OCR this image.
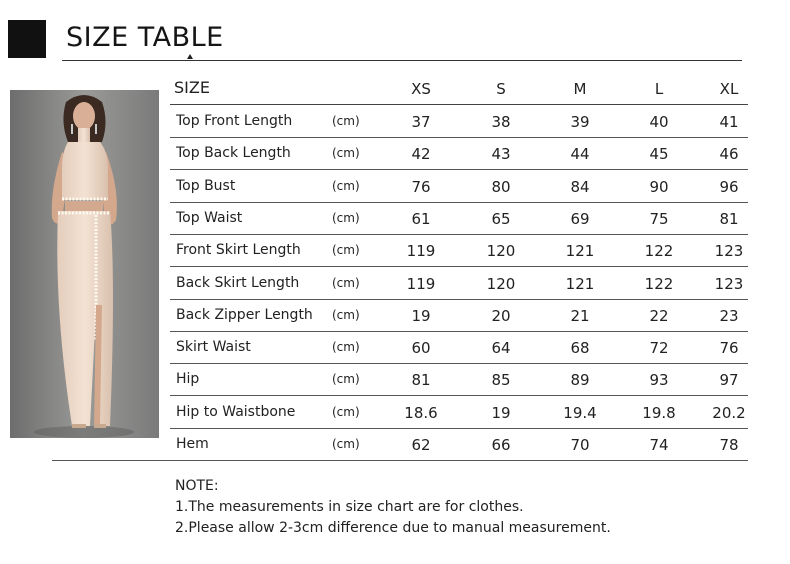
SIZE TABLE
SIZE	XS	S	M	L	XL
Top Front Length	(cm)	37	38	39	40	41
Top Back Length	(cm)	42	43	44	45	46
Top Bust	(cm)	76	80	84	90	96
Top Waist	(cm)	61	65	69	75	81
Front Skirt Length	(cm)	119	120	121	122	123
Back Skirt Length	(cm)	119	120	121	122	123
Back Zipper Length (cm)	19	20	21	22	23
Skirt Waist	(cm)	60	64	68	72	76
Hip	(cm)	81	85	89	93	97
Hip to Waistbone	(cm)	18.6	19	19.4	19.8	20.2
Hem	(cm)	62	66	70	74	78
NOTE:
1.The measurements in size chart are for clothes.
2.Please allow 2-3cm difference due to manual measurement.
